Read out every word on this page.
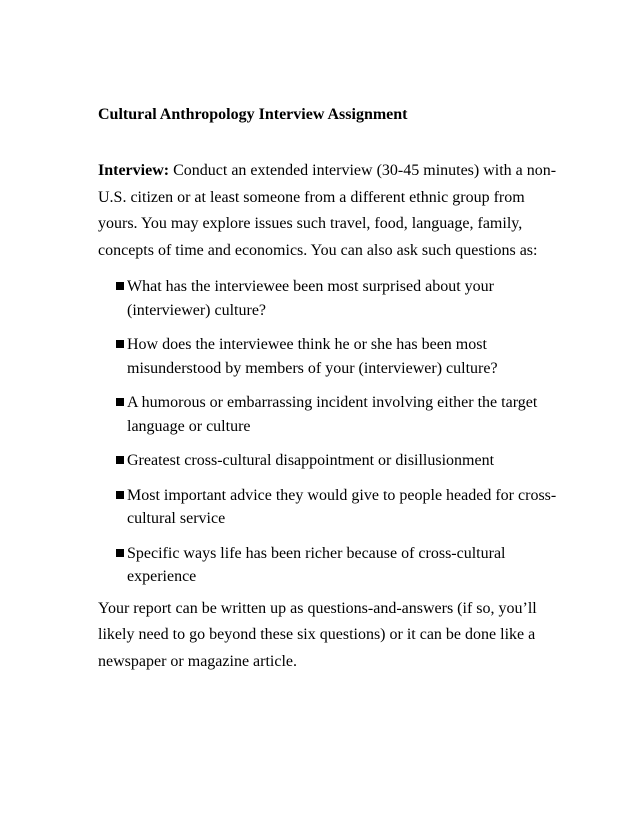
Cultural Anthropology Interview Assignment

Interview: Conduct an extended interview (30-45 minutes) with a non-U.S. citizen or at least someone from a different ethnic group from yours. You may explore issues such travel, food, language, family, concepts of time and economics. You can also ask such questions as:

What has the interviewee been most surprised about your (interviewer) culture?
How does the interviewee think he or she has been most misunderstood by members of your (interviewer) culture?
A humorous or embarrassing incident involving either the target language or culture
Greatest cross-cultural disappointment or disillusionment
Most important advice they would give to people headed for cross-cultural service
Specific ways life has been richer because of cross-cultural experience

Your report can be written up as questions-and-answers (if so, you’ll likely need to go beyond these six questions) or it can be done like a newspaper or magazine article.
